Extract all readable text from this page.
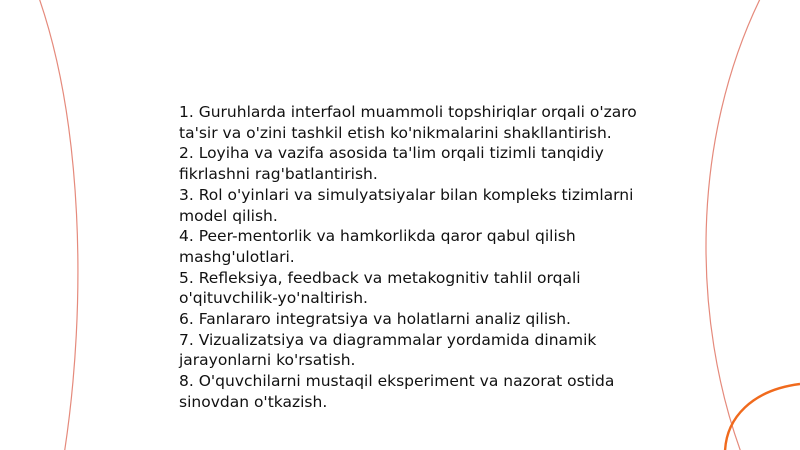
1. Guruhlarda interfaol muammoli topshiriqlar orqali o'zaro ta'sir va o'zini tashkil etish ko'nikmalarini shakllantirish.

2. Loyiha va vazifa asosida ta'lim orqali tizimli tanqidiy fikrlashni rag'batlantirish.

3. Rol o'yinlari va simulyatsiyalar bilan kompleks tizimlarni model qilish.

4. Peer-mentorlik va hamkorlikda qaror qabul qilish mashg'ulotlari.

5. Refleksiya, feedback va metakognitiv tahlil orqali o'qituvchilik-yo'naltirish.

6. Fanlararo integratsiya va holatlarni analiz qilish.

7. Vizualizatsiya va diagrammalar yordamida dinamik jarayonlarni ko'rsatish.

8. O'quvchilarni mustaqil eksperiment va nazorat ostida sinovdan o'tkazish.
